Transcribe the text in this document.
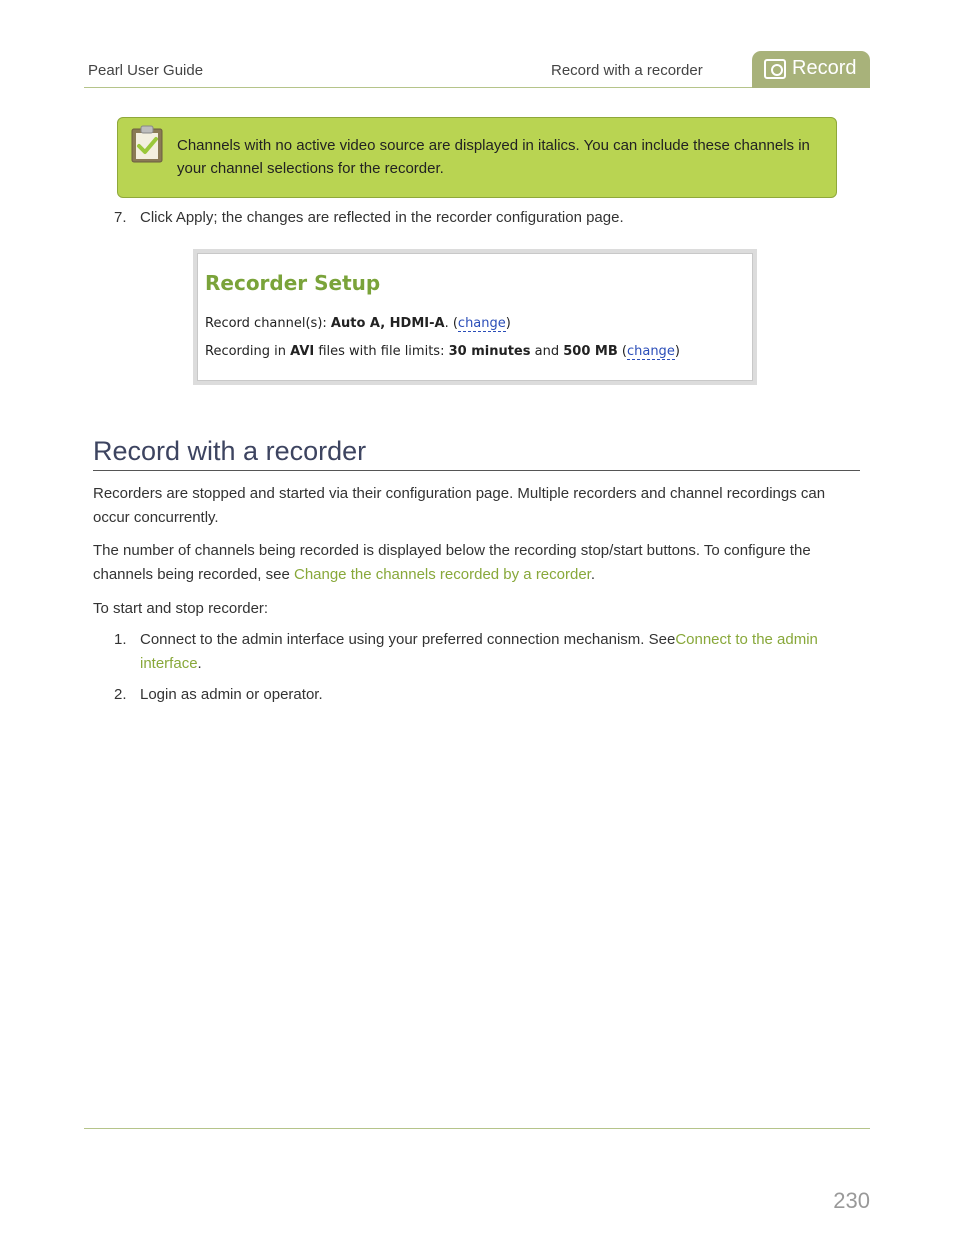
Pearl User Guide	Record with a recorder	Record
Channels with no active video source are displayed in italics. You can include these channels in your channel selections for the recorder.
7. Click Apply; the changes are reflected in the recorder configuration page.
Recorder Setup
Record channel(s): Auto A, HDMI-A. (change)
Recording in AVI files with file limits: 30 minutes and 500 MB (change)
Record with a recorder
Recorders are stopped and started via their configuration page. Multiple recorders and channel recordings can occur concurrently.
The number of channels being recorded is displayed below the recording stop/start buttons. To configure the channels being recorded, see Change the channels recorded by a recorder.
To start and stop recorder:
1. Connect to the admin interface using your preferred connection mechanism. SeeConnect to the admin interface.
2. Login as admin or operator.
230
